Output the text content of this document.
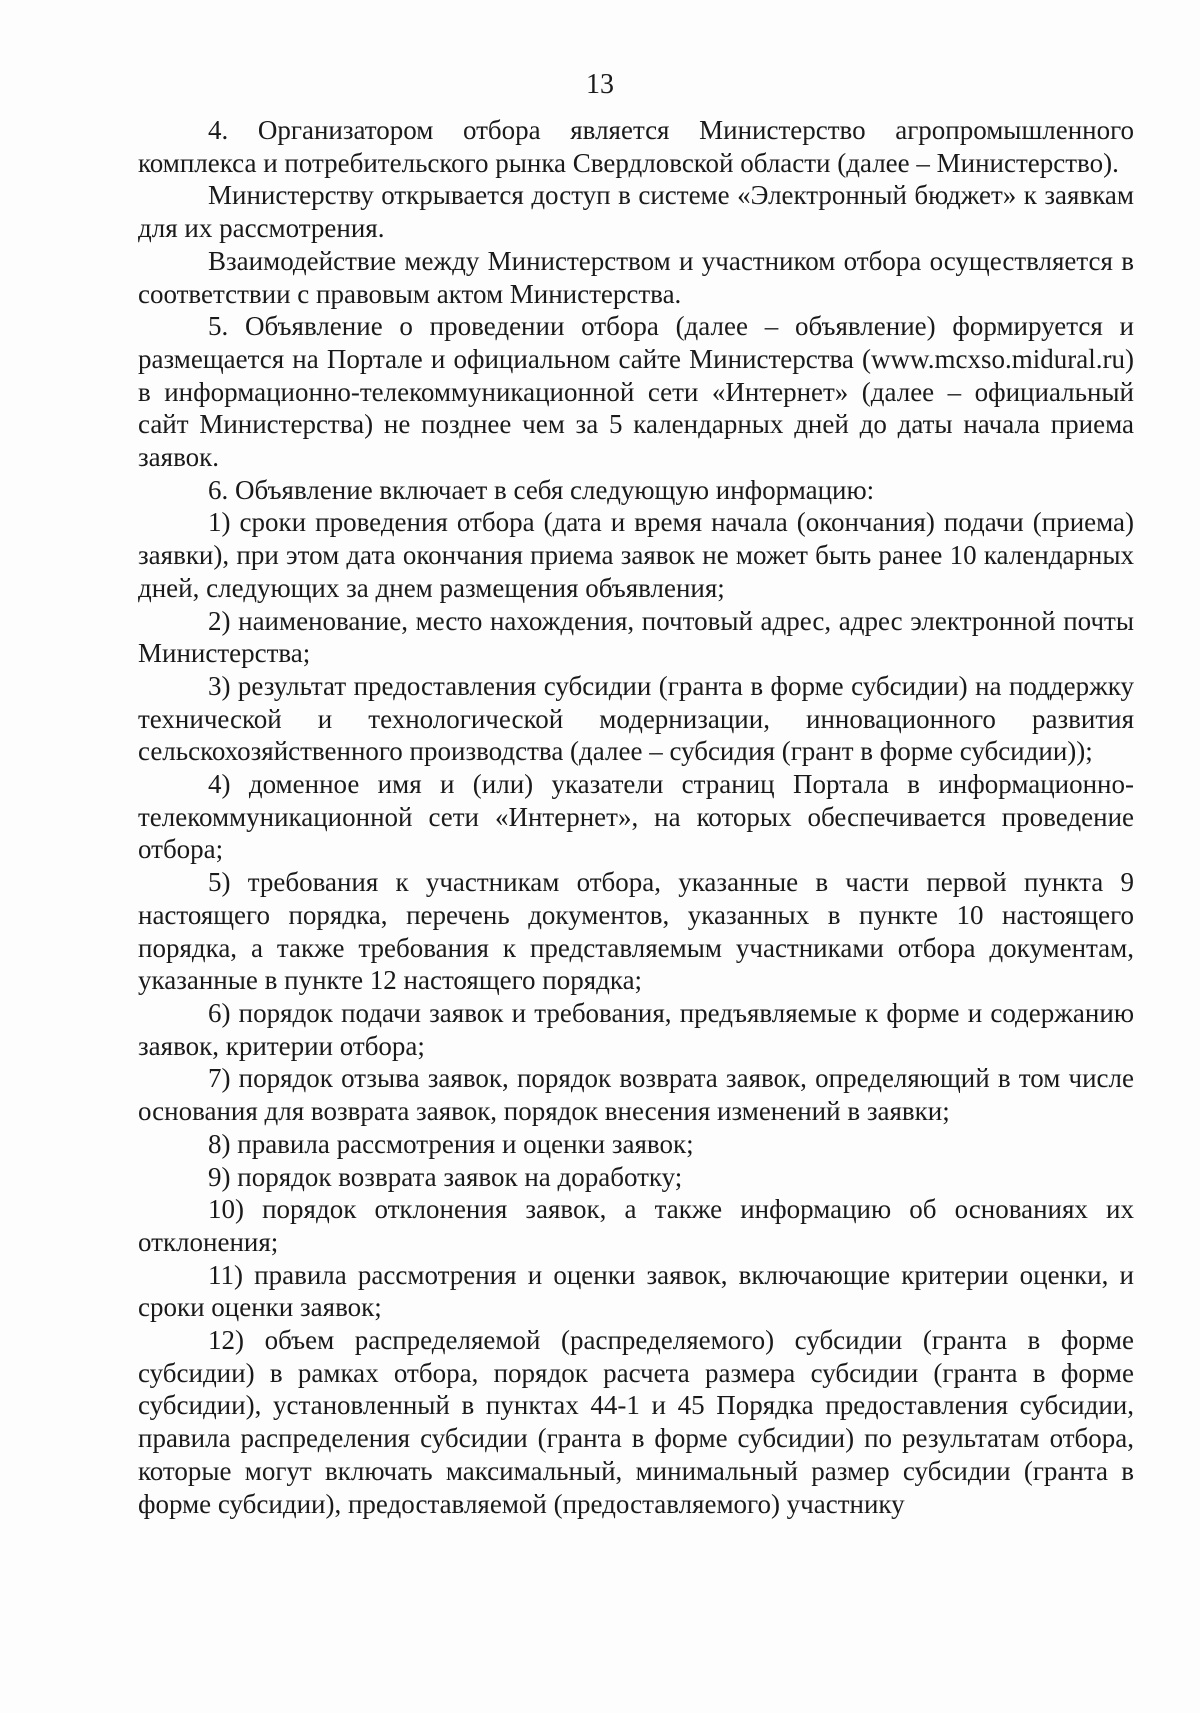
13

4. Организатором отбора является Министерство агропромышленного комплекса и потребительского рынка Свердловской области (далее – Министерство).

Министерству открывается доступ в системе «Электронный бюджет» к заявкам для их рассмотрения.

Взаимодействие между Министерством и участником отбора осуществляется в соответствии с правовым актом Министерства.

5. Объявление о проведении отбора (далее – объявление) формируется и размещается на Портале и официальном сайте Министерства (www.mcxso.midural.ru) в информационно-телекоммуникационной сети «Интернет» (далее – официальный сайт Министерства) не позднее чем за 5 календарных дней до даты начала приема заявок.

6. Объявление включает в себя следующую информацию:

1) сроки проведения отбора (дата и время начала (окончания) подачи (приема) заявки), при этом дата окончания приема заявок не может быть ранее 10 календарных дней, следующих за днем размещения объявления;

2) наименование, место нахождения, почтовый адрес, адрес электронной почты Министерства;

3) результат предоставления субсидии (гранта в форме субсидии) на поддержку технической и технологической модернизации, инновационного развития сельскохозяйственного производства (далее – субсидия (грант в форме субсидии));

4) доменное имя и (или) указатели страниц Портала в информационно-телекоммуникационной сети «Интернет», на которых обеспечивается проведение отбора;

5) требования к участникам отбора, указанные в части первой пункта 9 настоящего порядка, перечень документов, указанных в пункте 10 настоящего порядка, а также требования к представляемым участниками отбора документам, указанные в пункте 12 настоящего порядка;

6) порядок подачи заявок и требования, предъявляемые к форме и содержанию заявок, критерии отбора;

7) порядок отзыва заявок, порядок возврата заявок, определяющий в том числе основания для возврата заявок, порядок внесения изменений в заявки;

8) правила рассмотрения и оценки заявок;

9) порядок возврата заявок на доработку;

10) порядок отклонения заявок, а также информацию об основаниях их отклонения;

11) правила рассмотрения и оценки заявок, включающие критерии оценки, и сроки оценки заявок;

12) объем распределяемой (распределяемого) субсидии (гранта в форме субсидии) в рамках отбора, порядок расчета размера субсидии (гранта в форме субсидии), установленный в пунктах 44-1 и 45 Порядка предоставления субсидии, правила распределения субсидии (гранта в форме субсидии) по результатам отбора, которые могут включать максимальный, минимальный размер субсидии (гранта в форме субсидии), предоставляемой (предоставляемого) участнику
